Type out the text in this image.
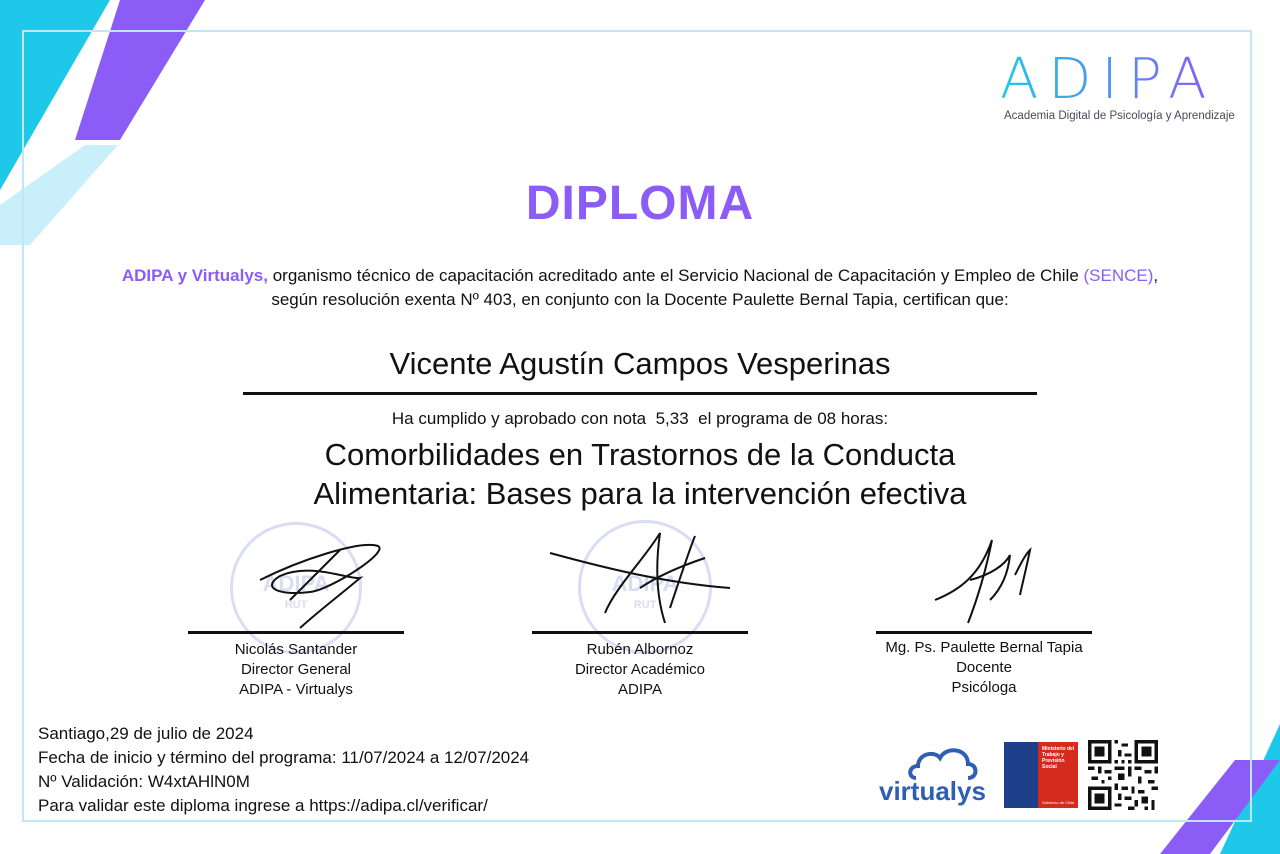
ADIPA
Academia Digital de Psicología y Aprendizaje
DIPLOMA
ADIPA y Virtualys, organismo técnico de capacitación acreditado ante el Servicio Nacional de Capacitación y Empleo de Chile (SENCE), según resolución exenta Nº 403, en conjunto con la Docente Paulette Bernal Tapia, certifican que:
Vicente Agustín Campos Vesperinas
Ha cumplido y aprobado con nota 5,33 el programa de 08 horas:
Comorbilidades en Trastornos de la Conducta
Alimentaria: Bases para la intervención efectiva
ADIPA
RUT
Nicolás Santander
Director General
ADIPA - Virtualys
ADIPA
RUT
Rubén Albornoz
Director Académico
ADIPA
Mg. Ps. Paulette Bernal Tapia
Docente
Psicóloga
Santiago,29 de julio de 2024
Fecha de inicio y término del programa: 11/07/2024 a 12/07/2024
Nº Validación: W4xtAHlN0M
Para validar este diploma ingrese a https://adipa.cl/verificar/	virtualys
Ministerio del Trabajo y Previsión Social
Gobierno de Chile
